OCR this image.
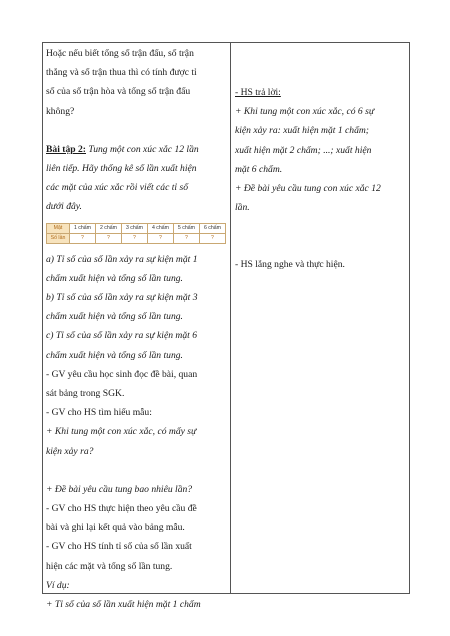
Hoặc nếu biết tổng số trận đấu, số trận

thắng và số trận thua thì có tính được tỉ

số của số trận hòa và tổng số trận đấu

không?

Bài tập 2: Tung một con xúc xắc 12 lần

liên tiếp. Hãy thống kê số lần xuất hiện

các mặt của xúc xắc rồi viết các tỉ số

dưới đây.

Mặt	1 chấm	2 chấm	3 chấm	4 chấm	5 chấm	6 chấm
Số lần	?	?	?	?	?	?

a) Tỉ số của số lần xảy ra sự kiện mặt 1

chấm xuất hiện và tổng số lần tung.

b) Tỉ số của số lần xảy ra sự kiện mặt 3

chấm xuất hiện và tổng số lần tung.

c) Tỉ số của số lần xảy ra sự kiện mặt 6

chấm xuất hiện và tổng số lần tung.

- GV yêu cầu học sinh đọc đề bài, quan

sát bảng trong SGK.

- GV cho HS tìm hiểu mẫu:

+ Khi tung một con xúc xắc, có mấy sự

kiện xảy ra?

+ Đề bài yêu cầu tung bao nhiêu lần?

- GV cho HS thực hiện theo yêu cầu đề

bài và ghi lại kết quả vào bảng mẫu.

- GV cho HS tính tỉ số của số lần xuất

hiện các mặt và tổng số lần tung.

Ví dụ:

+ Tỉ số của số lần xuất hiện mặt 1 chấm

- HS trả lời:

+ Khi tung một con xúc xắc, có 6 sự

kiện xảy ra: xuất hiện mặt 1 chấm;

xuất hiện mặt 2 chấm; ...; xuất hiện

mặt 6 chấm.

+ Đề bài yêu cầu tung con xúc xắc 12

lần.

- HS lắng nghe và thực hiện.
